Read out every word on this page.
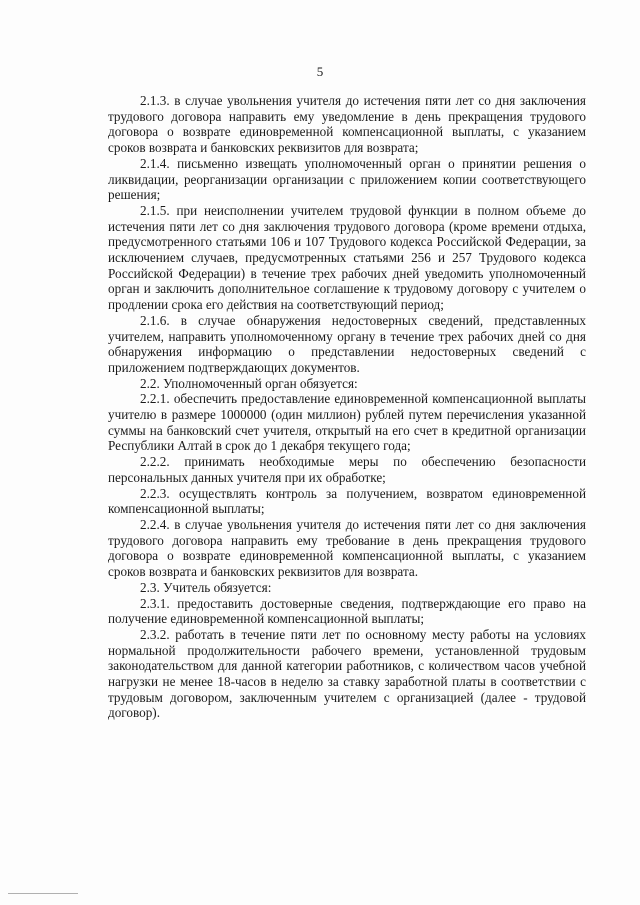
5

2.1.3. в случае увольнения учителя до истечения пяти лет со дня заключения трудового договора направить ему уведомление в день прекращения трудового договора о возврате единовременной компенсационной выплаты, с указанием сроков возврата и банковских реквизитов для возврата;

2.1.4. письменно извещать уполномоченный орган о принятии решения о ликвидации, реорганизации организации с приложением копии соответствующего решения;

2.1.5. при неисполнении учителем трудовой функции в полном объеме до истечения пяти лет со дня заключения трудового договора (кроме времени отдыха, предусмотренного статьями 106 и 107 Трудового кодекса Российской Федерации, за исключением случаев, предусмотренных статьями 256 и 257 Трудового кодекса Российской Федерации) в течение трех рабочих дней уведомить уполномоченный орган и заключить дополнительное соглашение к трудовому договору с учителем о продлении срока его действия на соответствующий период;

2.1.6. в случае обнаружения недостоверных сведений, представленных учителем, направить уполномоченному органу в течение трех рабочих дней со дня обнаружения информацию о представлении недостоверных сведений с приложением подтверждающих документов.

2.2. Уполномоченный орган обязуется:

2.2.1. обеспечить предоставление единовременной компенсационной выплаты учителю в размере 1000000 (один миллион) рублей путем перечисления указанной суммы на банковский счет учителя, открытый на его счет в кредитной организации Республики Алтай в срок до 1 декабря текущего года;

2.2.2. принимать необходимые меры по обеспечению безопасности персональных данных учителя при их обработке;

2.2.3. осуществлять контроль за получением, возвратом единовременной компенсационной выплаты;

2.2.4. в случае увольнения учителя до истечения пяти лет со дня заключения трудового договора направить ему требование в день прекращения трудового договора о возврате единовременной компенсационной выплаты, с указанием сроков возврата и банковских реквизитов для возврата.

2.3. Учитель обязуется:

2.3.1. предоставить достоверные сведения, подтверждающие его право на получение единовременной компенсационной выплаты;

2.3.2. работать в течение пяти лет по основному месту работы на условиях нормальной продолжительности рабочего времени, установленной трудовым законодательством для данной категории работников, с количеством часов учебной нагрузки не менее 18-часов в неделю за ставку заработной платы в соответствии с трудовым договором, заключенным учителем с организацией (далее - трудовой договор).
